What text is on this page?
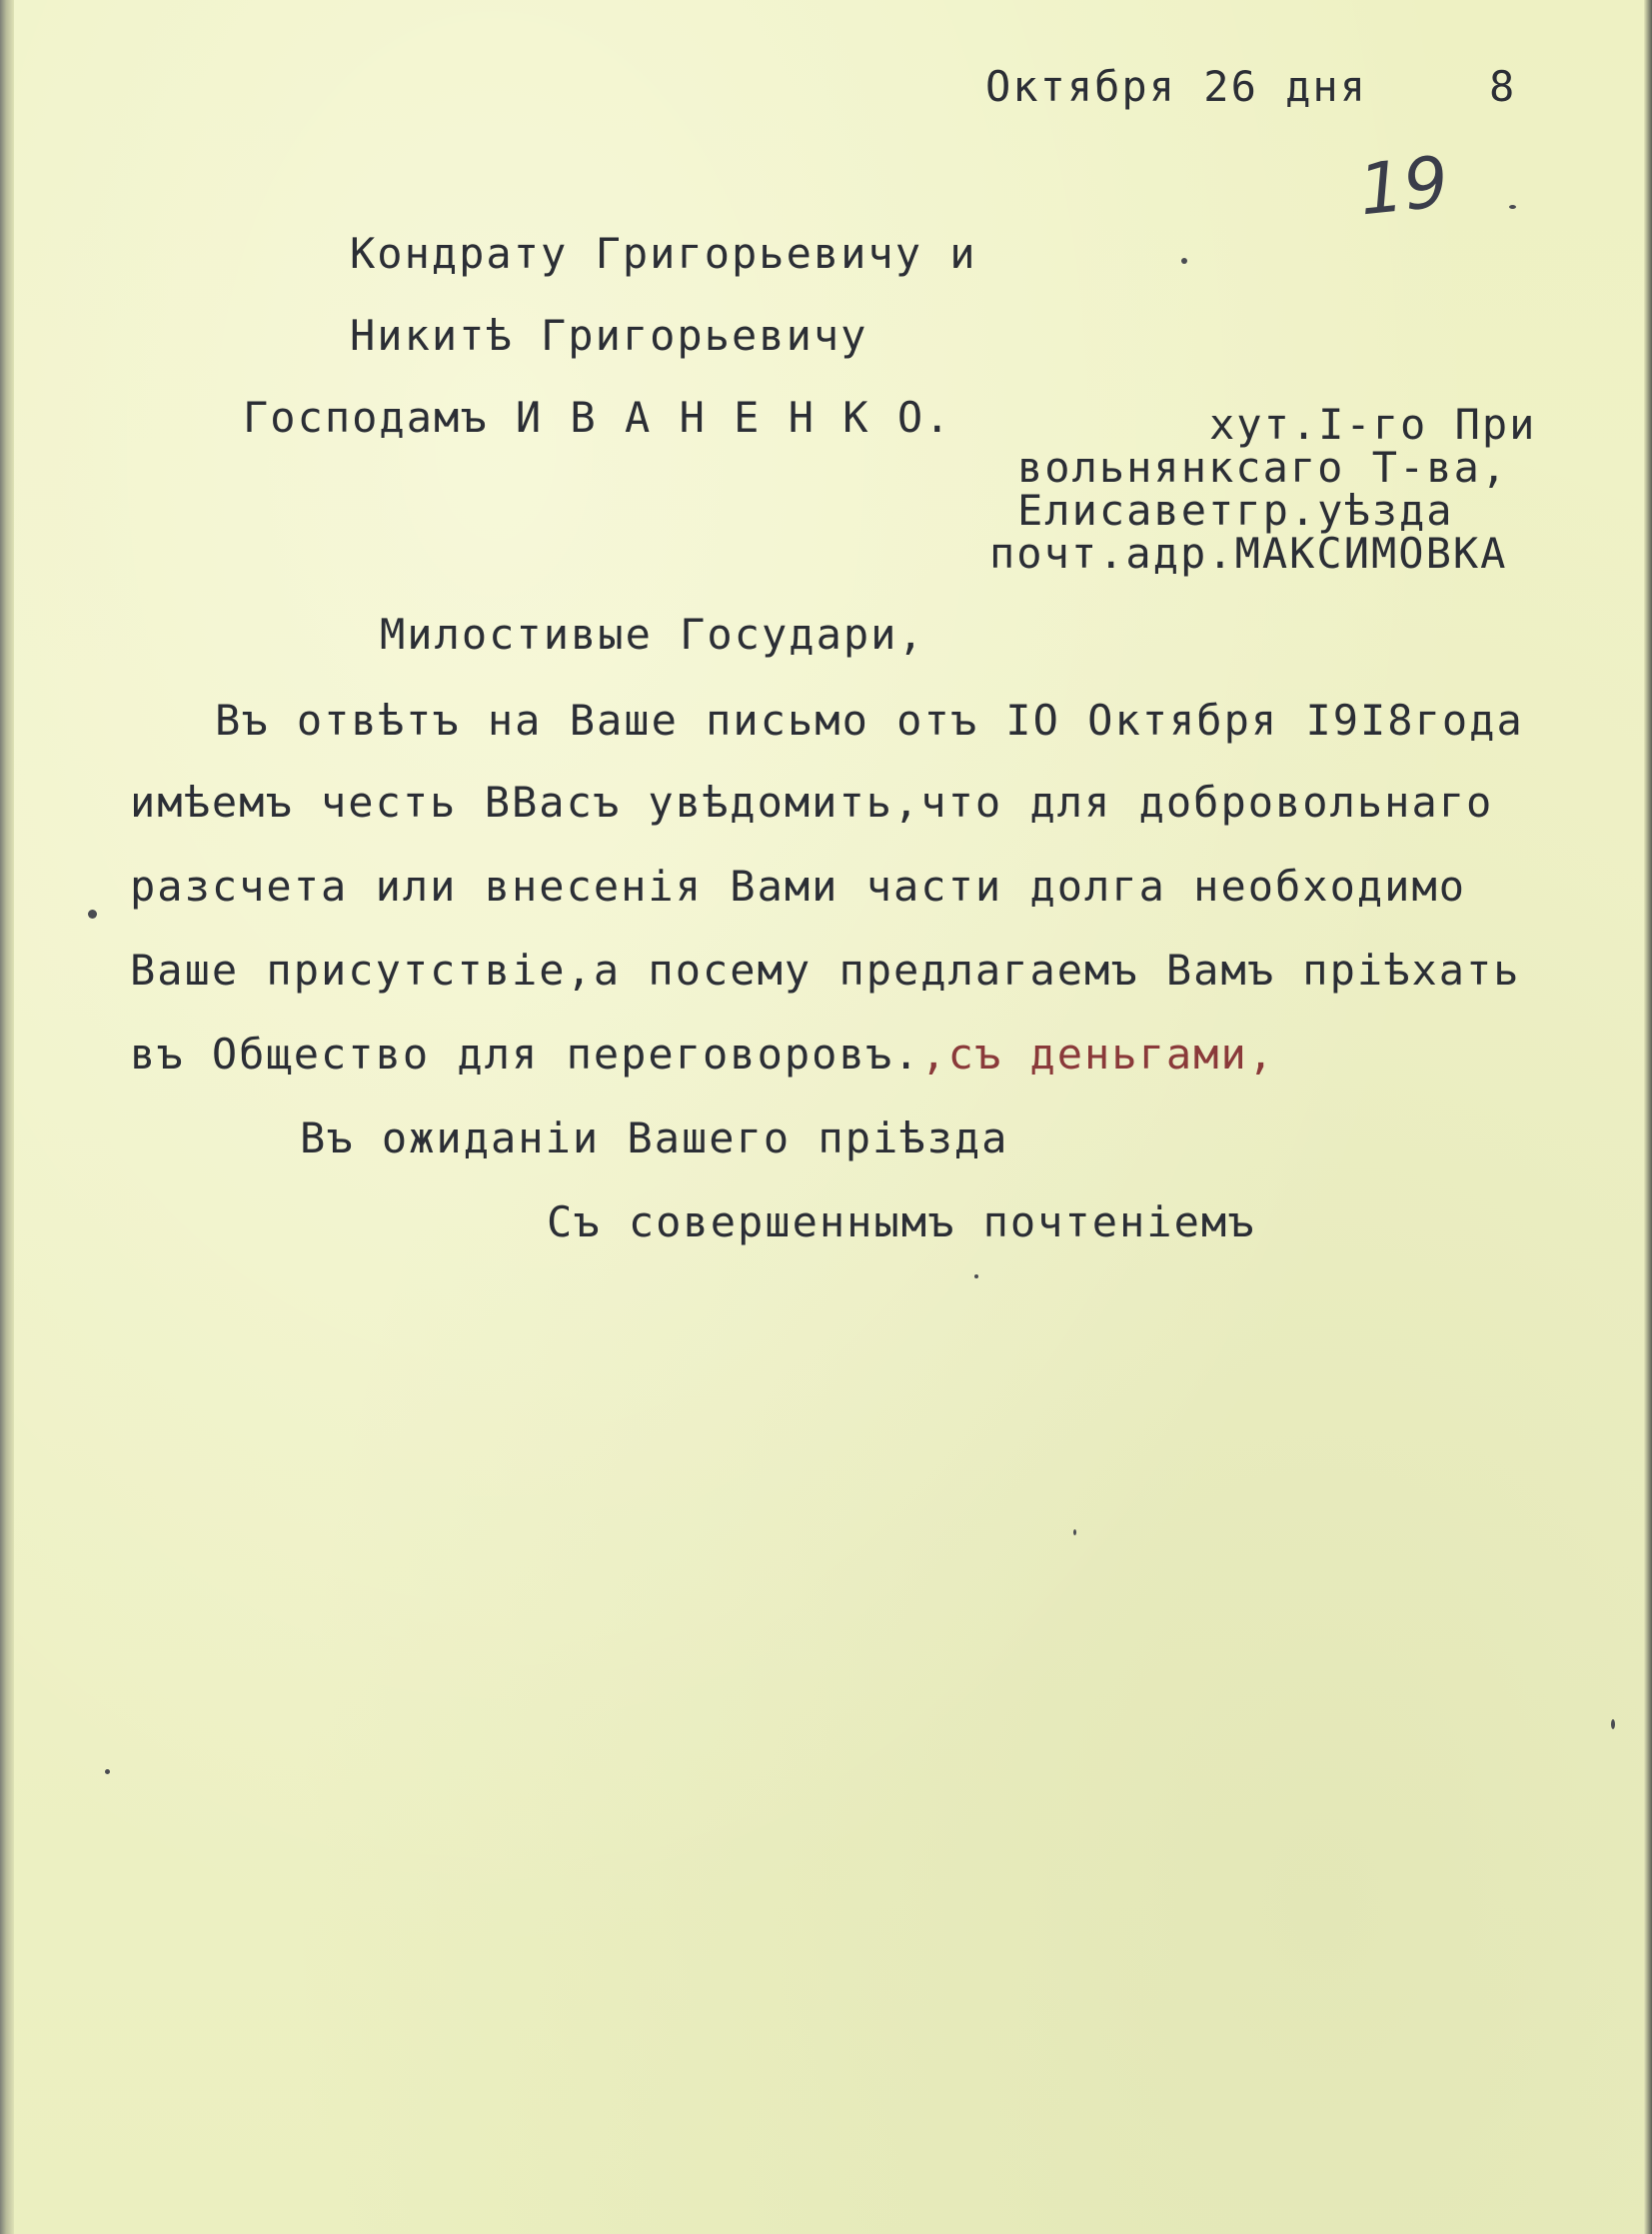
Октября 26 дня	8
19
Кондрату Григорьевичу и
Никитѣ Григорьевичу
Господамъ И В А Н Е Н К О.	хут.I-го При
вольнянксаго Т-ва,
Елисаветгр.уѣзда
почт.адр.МАКСИМОВКА
Милостивые Государи,
Въ отвѣтъ на Ваше письмо отъ IO Октября I9I8года
имѣемъ честь ВВасъ увѣдомить,что для добровольнаго
разсчета или внесенія Вами части долга необходимо
Ваше присутствіе,а посему предлагаемъ Вамъ пріѣхать
въ Общество для переговоровъ.,съ деньгами,
Въ ожиданіи Вашего пріѣзда
Съ совершеннымъ почтеніемъ
